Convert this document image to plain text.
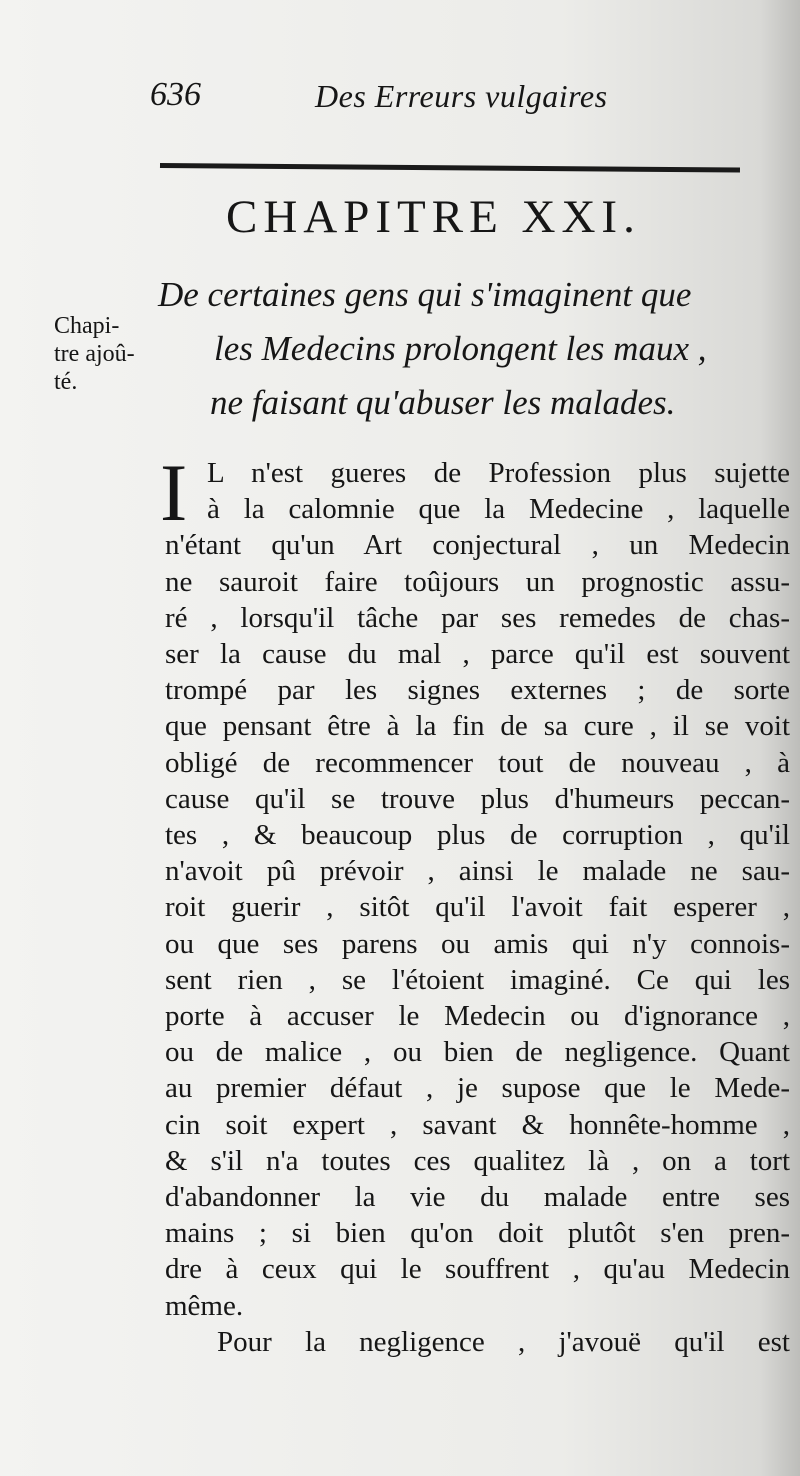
636	Des Erreurs vulgaires
CHAPITRE XXI.
De certaines gens qui s'imaginent que
les Medecins prolongent les maux ,
ne faisant qu'abuser les malades.
Chapi-
tre ajoû-
té.
I L n'est gueres de Profession plus sujette
à la calomnie que la Medecine , laquelle
n'étant qu'un Art conjectural , un Medecin
ne sauroit faire toûjours un prognostic assu-
ré , lorsqu'il tâche par ses remedes de chas-
ser la cause du mal , parce qu'il est souvent
trompé par les signes externes ; de sorte
que pensant être à la fin de sa cure , il se voit
obligé de recommencer tout de nouveau , à
cause qu'il se trouve plus d'humeurs peccan-
tes , & beaucoup plus de corruption , qu'il
n'avoit pû prévoir , ainsi le malade ne sau-
roit guerir , sitôt qu'il l'avoit fait esperer ,
ou que ses parens ou amis qui n'y connois-
sent rien , se l'étoient imaginé. Ce qui les
porte à accuser le Medecin ou d'ignorance ,
ou de malice , ou bien de negligence. Quant
au premier défaut , je supose que le Mede-
cin soit expert , savant & honnête-homme ,
& s'il n'a toutes ces qualitez là , on a tort
d'abandonner la vie du malade entre ses
mains ; si bien qu'on doit plutôt s'en pren-
dre à ceux qui le souffrent , qu'au Medecin
même.
Pour la negligence , j'avouë qu'il est
